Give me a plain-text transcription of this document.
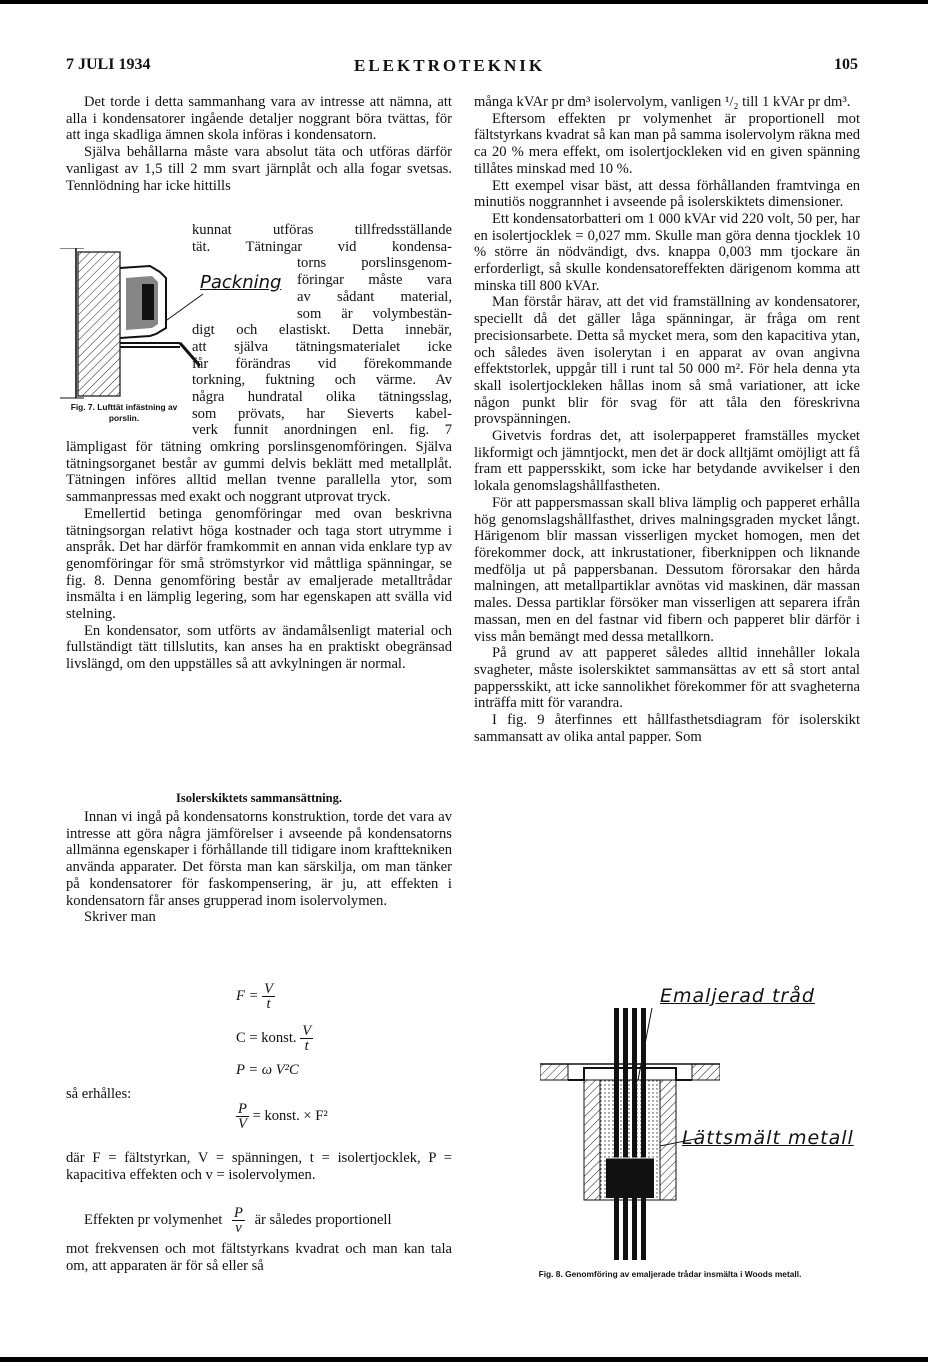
7 JULI 1934	ELEKTROTEKNIK	105

Det torde i detta sammanhang vara av intresse att nämna, att alla i kondensatorer ingående detaljer noggrant böra tvättas, för att inga skadliga ämnen skola införas i kondensatorn.

Själva behållarna måste vara absolut täta och utföras därför vanligast av 1,5 till 2 mm svart järnplåt och alla fogar svetsas. Tennlödning har icke hittills

Packning
Fig. 7. Lufttät infästning av porslin.
kunnat utföras tillfredsställande
tät. Tätningar vid kondensa-
torns porslinsgenom-
föringar måste vara
av sådant material,
som är volymbestän-
digt och elastiskt. Detta innebär,
att själva tätningsmaterialet icke
får förändras vid förekommande
torkning, fuktning och värme. Av
några hundratal olika tätningsslag,
som prövats, har Sieverts kabel-
verk funnit anordningen enl. fig. 7

lämpligast för tätning omkring porslinsgenomföringen. Själva tätningsorganet består av gummi delvis beklätt med metallplåt. Tätningen införes alltid mellan tvenne parallella ytor, som sammanpressas med exakt och noggrant utprovat tryck.

Emellertid betinga genomföringar med ovan beskrivna tätningsorgan relativt höga kostnader och taga stort utrymme i anspråk. Det har därför framkommit en annan vida enklare typ av genomföringar för små strömstyrkor vid måttliga spänningar, se fig. 8. Denna genomföring består av emaljerade metalltrådar insmälta i en lämplig legering, som har egenskapen att svälla vid stelning.

En kondensator, som utförts av ändamålsenligt material och fullständigt tätt tillslutits, kan anses ha en praktiskt obegränsad livslängd, om den uppställes så att avkylningen är normal.

Isolerskiktets sammansättning.

Innan vi ingå på kondensatorns konstruktion, torde det vara av intresse att göra några jämförelser i avseende på kondensatorns allmänna egenskaper i förhållande till tidigare inom krafttekniken använda apparater. Det första man kan särskilja, om man tänker på kondensatorer för faskompensering, är ju, att effekten i kondensatorn får anses grupperad inom isolervolymen.

Skriver man

$F = \frac{V}{t}$
C = konst. $\frac{V}{t}$
P = ω V²C
så erhålles:
$\frac{P}{V}$ = konst. × F²

där F = fältstyrkan, V = spänningen, t = isolertjocklek, P = kapacitiva effekten och v = isolervolymen.

Effekten pr volymenhet $\frac{P}{v}$ är således proportionell

mot frekvensen och mot fältstyrkans kvadrat och man kan tala om, att apparaten är för så eller så

många kVAr pr dm³ isolervolym, vanligen ¹/₂ till 1 kVAr pr dm³.

Eftersom effekten pr volymenhet är proportionell mot fältstyrkans kvadrat så kan man på samma isolervolym räkna med ca 20 % mera effekt, om isolertjockleken vid en given spänning tillåtes minskad med 10 %.

Ett exempel visar bäst, att dessa förhållanden framtvinga en minutiös noggrannhet i avseende på isolerskiktets dimensioner.

Ett kondensatorbatteri om 1 000 kVAr vid 220 volt, 50 per, har en isolertjocklek = 0,027 mm. Skulle man göra denna tjocklek 10 % större än nödvändigt, dvs. knappa 0,003 mm tjockare än erforderligt, så skulle kondensatoreffekten därigenom komma att minska till 800 kVAr.

Man förstår härav, att det vid framställning av kondensatorer, speciellt då det gäller låga spänningar, är fråga om rent precisionsarbete. Detta så mycket mera, som den kapacitiva ytan, och således även isolerytan i en apparat av ovan angivna effektstorlek, uppgår till i runt tal 50 000 m². För hela denna yta skall isolertjockleken hållas inom så små variationer, att icke någon punkt blir för svag för att tåla den föreskrivna provspänningen.

Givetvis fordras det, att isolerpapperet framställes mycket likformigt och jämntjockt, men det är dock alltjämt omöjligt att få fram ett pappersskikt, som icke har betydande avvikelser i den lokala genomslagshållfastheten.

För att pappersmassan skall bliva lämplig och papperet erhålla hög genomslagshållfasthet, drives malningsgraden mycket långt. Härigenom blir massan visserligen mycket homogen, men det förekommer dock, att inkrustationer, fiberknippen och liknande medfölja ut på pappersbanan. Dessutom förorsakar den hårda malningen, att metallpartiklar avnötas vid maskinen, där massan males. Dessa partiklar försöker man visserligen att separera ifrån massan, men en del fastnar vid fibern och papperet blir därför i viss mån bemängt med dessa metallkorn.

På grund av att papperet således alltid innehåller lokala svagheter, måste isolerskiktet sammansättas av ett så stort antal pappersskikt, att icke sannolikhet förekommer för att svagheterna inträffa mitt för varandra.

I fig. 9 återfinnes ett hållfasthetsdiagram för isolerskikt sammansatt av olika antal papper. Som

Emaljerad tråd
Lättsmält metall
Fig. 8. Genomföring av emaljerade trådar insmälta i Woods metall.
